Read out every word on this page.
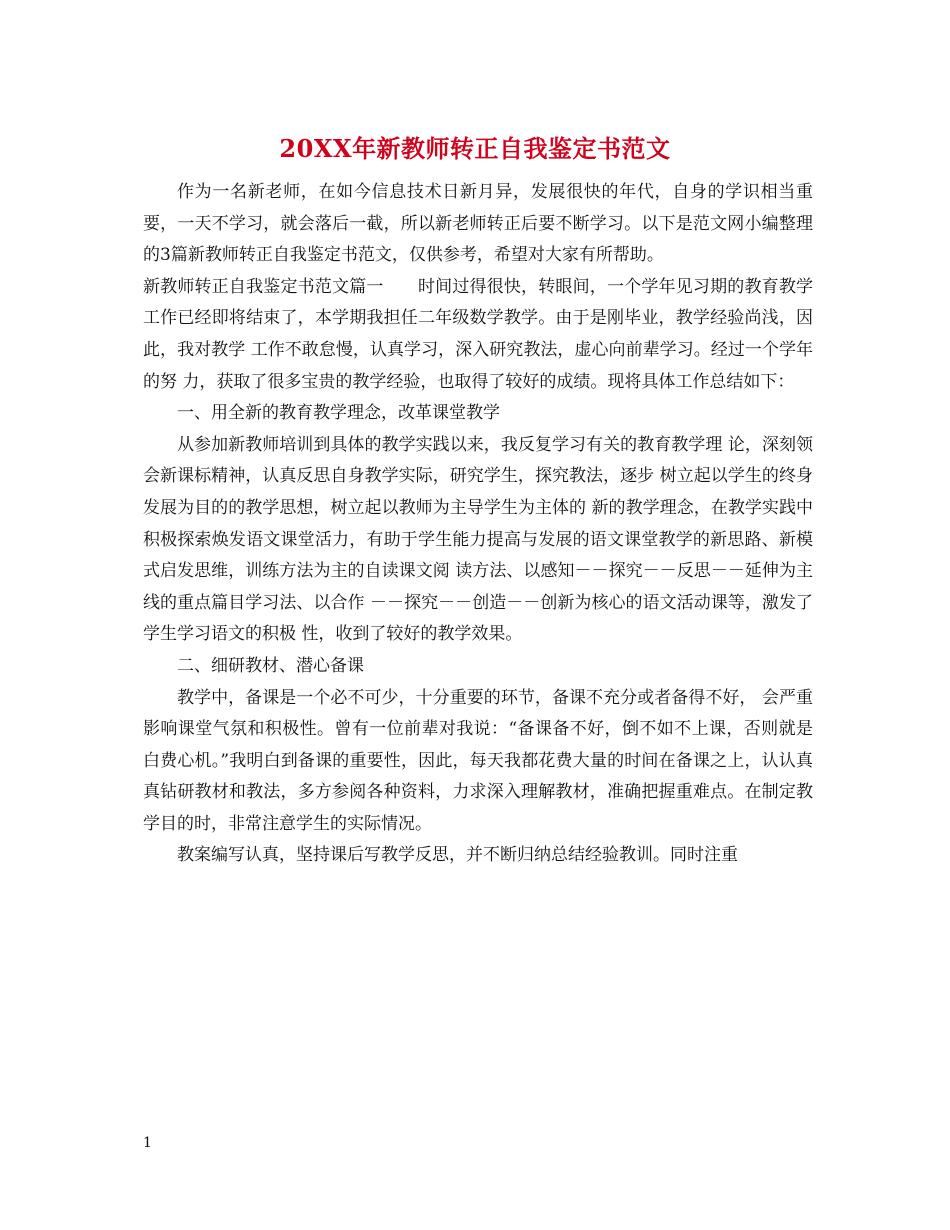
20XX年新教师转正自我鉴定书范文

作为一名新老师，在如今信息技术日新月异，发展很快的年代，自身的学识相当重要，一天不学习，就会落后一截，所以新老师转正后要不断学习。以下是范文网小编整理的3篇新教师转正自我鉴定书范文，仅供参考，希望对大家有所帮助。

新教师转正自我鉴定书范文篇一　　时间过得很快，转眼间，一个学年见习期的教育教学工作已经即将结束了，本学期我担任二年级数学教学。由于是刚毕业，教学经验尚浅，因此，我对教学 工作不敢怠慢，认真学习，深入研究教法，虚心向前辈学习。经过一个学年的努 力，获取了很多宝贵的教学经验，也取得了较好的成绩。现将具体工作总结如下：

一、用全新的教育教学理念，改革课堂教学

从参加新教师培训到具体的教学实践以来，我反复学习有关的教育教学理 论，深刻领会新课标精神，认真反思自身教学实际，研究学生，探究教法，逐步 树立起以学生的终身发展为目的的教学思想，树立起以教师为主导学生为主体的 新的教学理念，在教学实践中积极探索焕发语文课堂活力，有助于学生能力提高与发展的语文课堂教学的新思路、新模式启发思维，训练方法为主的自读课文阅 读方法、以感知－－探究－－反思－－延伸为主线的重点篇目学习法、以合作 －－探究－－创造－－创新为核心的语文活动课等，激发了学生学习语文的积极 性，收到了较好的教学效果。

二、细研教材、潜心备课

教学中，备课是一个必不可少，十分重要的环节，备课不充分或者备得不好， 会严重影响课堂气氛和积极性。曾有一位前辈对我说：“备课备不好，倒不如不上课，否则就是白费心机。”我明白到备课的重要性，因此，每天我都花费大量的时间在备课之上，认认真真钻研教材和教法，多方参阅各种资料，力求深入理解教材，准确把握重难点。在制定教学目的时，非常注意学生的实际情况。

教案编写认真，坚持课后写教学反思，并不断归纳总结经验教训。同时注重

1
